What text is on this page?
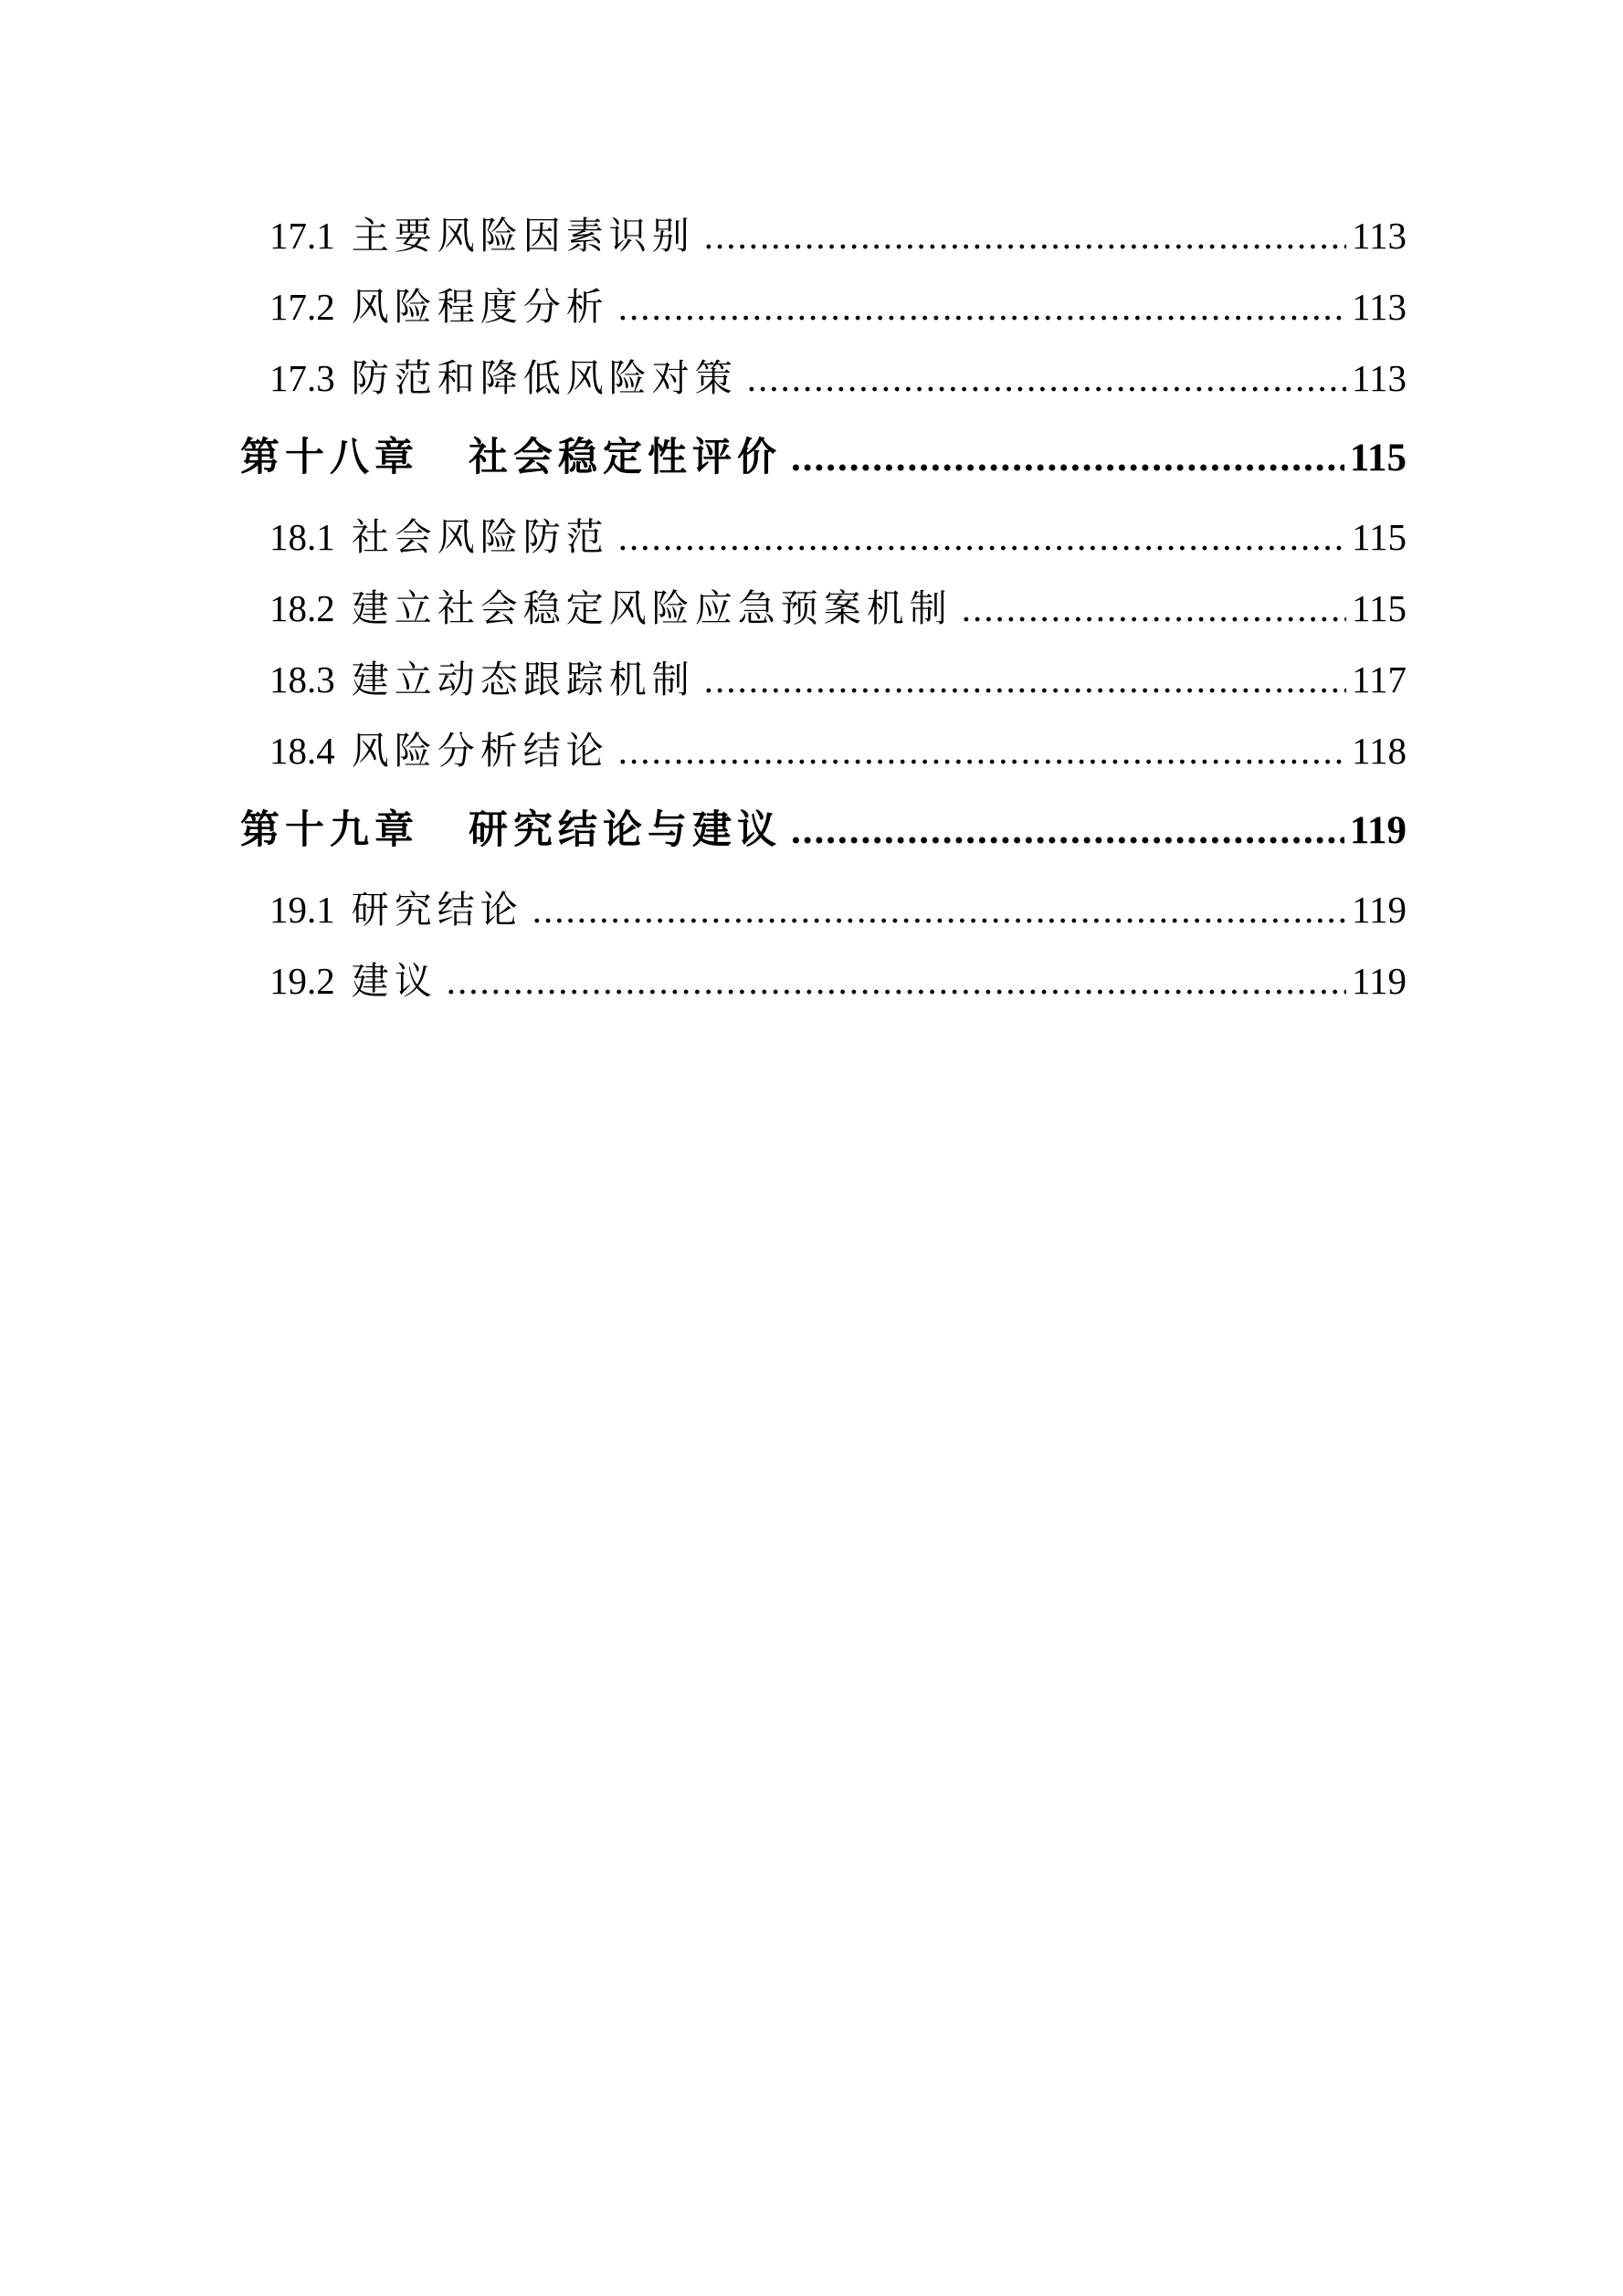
17.1 主要风险因素识别 .....	113
17.2 风险程度分析 .....	113
17.3 防范和降低风险对策 .....	113
第十八章 社会稳定性评价 .....	115
18.1 社会风险防范 .....	115
18.2 建立社会稳定风险应急预案机制 .....	115
18.3 建立动态跟踪机制 .....	117
18.4 风险分析结论 .....	118
第十九章 研究结论与建议 .....	119
19.1 研究结论 .....	119
19.2 建议 .....	119
